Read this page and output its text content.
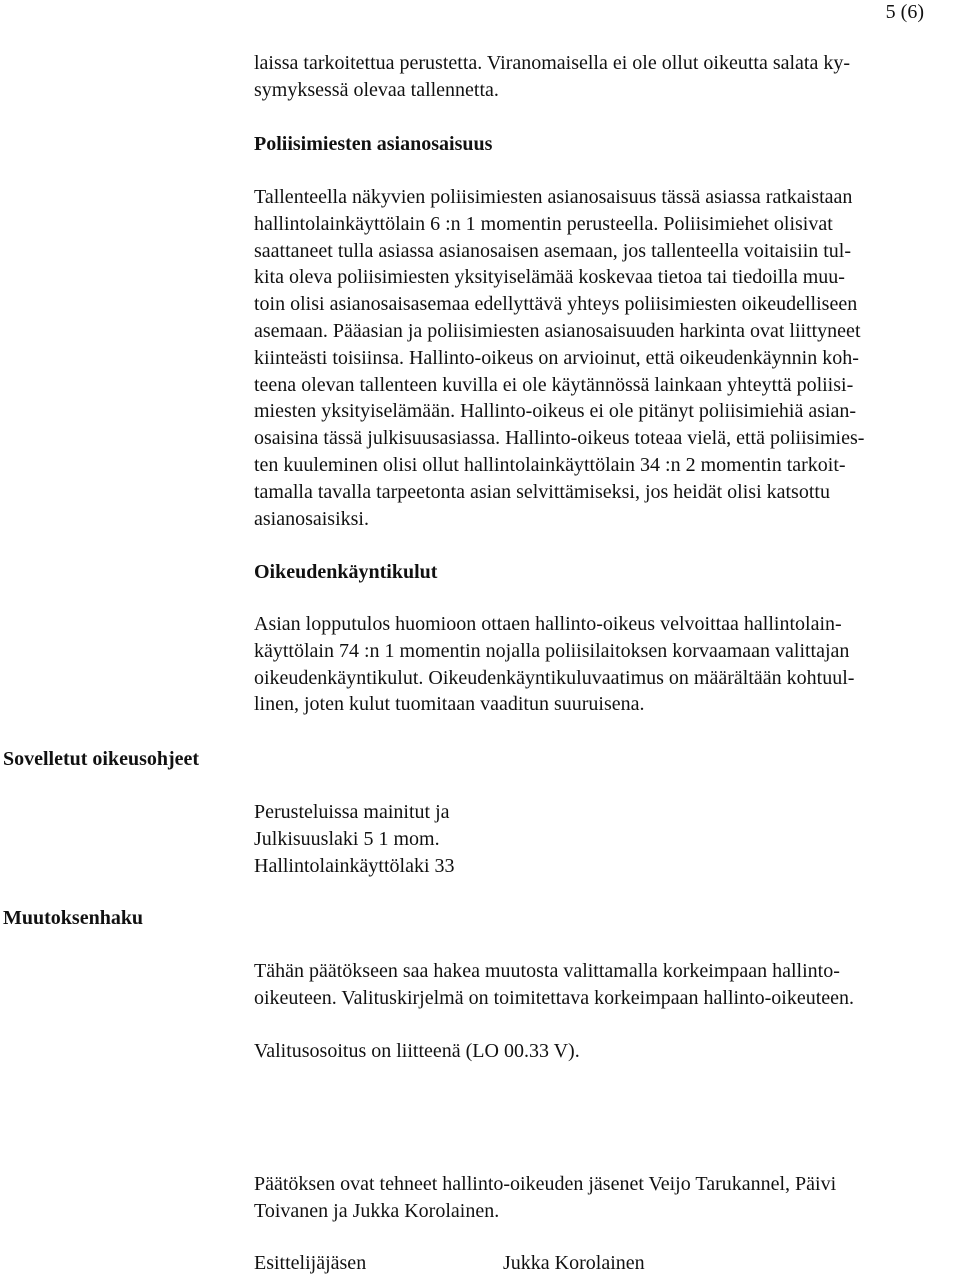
5 (6)
laissa tarkoitettua perustetta. Viranomaisella ei ole ollut oikeutta salata ky-
symyksessä olevaa tallennetta.
Poliisimiesten asianosaisuus
Tallenteella näkyvien poliisimiesten asianosaisuus tässä asiassa ratkaistaan
hallintolainkäyttölain 6 :n 1 momentin perusteella. Poliisimiehet olisivat
saattaneet tulla asiassa asianosaisen asemaan, jos tallenteella voitaisiin tul-
kita oleva poliisimiesten yksityiselämää koskevaa tietoa tai tiedoilla muu-
toin olisi asianosaisasemaa edellyttävä yhteys poliisimiesten oikeudelliseen
asemaan. Pääasian ja poliisimiesten asianosaisuuden harkinta ovat liittyneet
kiinteästi toisiinsa. Hallinto-oikeus on arvioinut, että oikeudenkäynnin koh-
teena olevan tallenteen kuvilla ei ole käytännössä lainkaan yhteyttä poliisi-
miesten yksityiselämään. Hallinto-oikeus ei ole pitänyt poliisimiehiä asian-
osaisina tässä julkisuusasiassa. Hallinto-oikeus toteaa vielä, että poliisimies-
ten kuuleminen olisi ollut hallintolainkäyttölain 34 :n 2 momentin tarkoit-
tamalla tavalla tarpeetonta asian selvittämiseksi, jos heidät olisi katsottu
asianosaisiksi.
Oikeudenkäyntikulut
Asian lopputulos huomioon ottaen hallinto-oikeus velvoittaa hallintolain-
käyttölain 74 :n 1 momentin nojalla poliisilaitoksen korvaamaan valittajan
oikeudenkäyntikulut. Oikeudenkäyntikuluvaatimus on määrältään kohtuul-
linen, joten kulut tuomitaan vaaditun suuruisena.
Sovelletut oikeusohjeet
Perusteluissa mainitut ja
Julkisuuslaki 5 1 mom.
Hallintolainkäyttölaki 33
Muutoksenhaku
Tähän päätökseen saa hakea muutosta valittamalla korkeimpaan hallinto-
oikeuteen. Valituskirjelmä on toimitettava korkeimpaan hallinto-oikeuteen.
Valitusosoitus on liitteenä (LO 00.33 V).
Päätöksen ovat tehneet hallinto-oikeuden jäsenet Veijo Tarukannel, Päivi
Toivanen ja Jukka Korolainen.
Esittelijäjäsen	Jukka Korolainen
